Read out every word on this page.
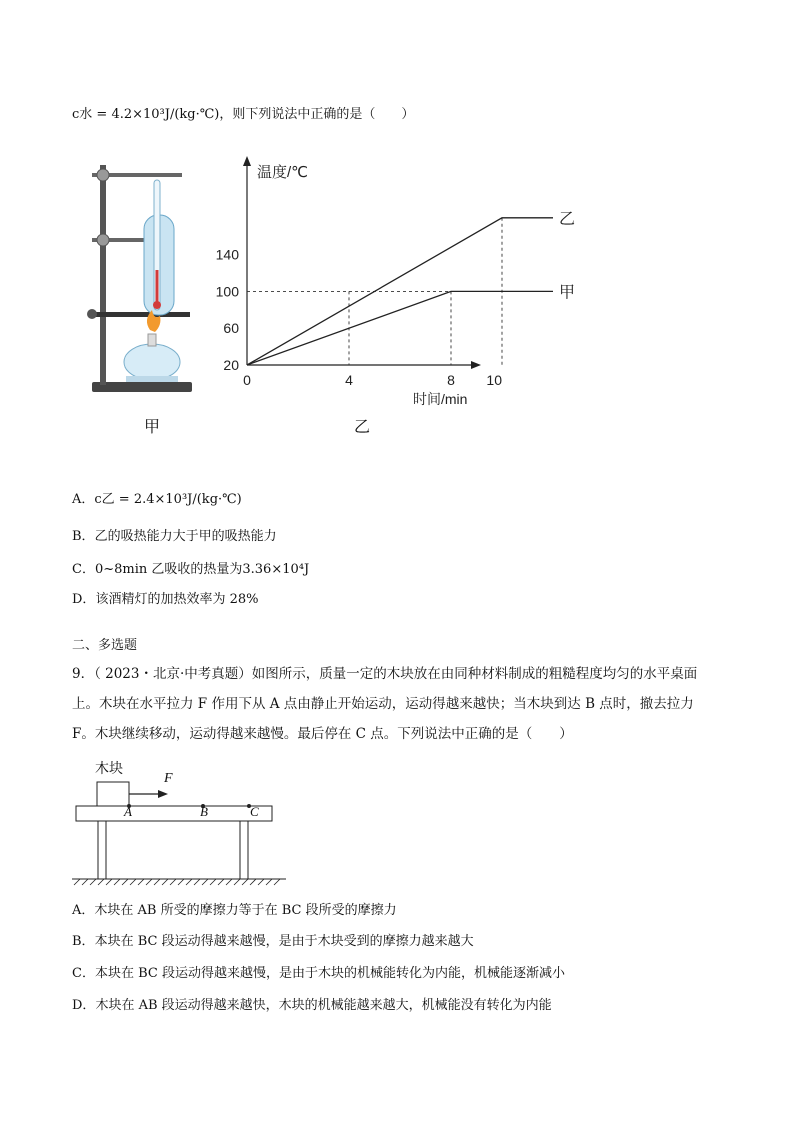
c水 = 4.2×10³J/(kg·℃)，则下列说法中正确的是（　　）
甲
温度/℃
时间/min
20
60
100
140
0	4	8 10
乙
甲
乙
A．c乙 = 2.4×10³J/(kg·℃)
B．乙的吸热能力大于甲的吸热能力
C．0~8min 乙吸收的热量为3.36×10⁴J
D．该酒精灯的加热效率为 28%
二、多选题
9．（ 2023・北京·中考真题）如图所示，质量一定的木块放在由同种材料制成的粗糙程度均匀的水平桌面
上。木块在水平拉力 F 作用下从 A 点由静止开始运动，运动得越来越快；当木块到达 B 点时，撤去拉力
F。木块继续移动，运动得越来越慢。最后停在 C 点。下列说法中正确的是（　　）
木块
F
A	B	C
A．木块在 AB 所受的摩擦力等于在 BC 段所受的摩擦力
B．本块在 BC 段运动得越来越慢，是由于木块受到的摩擦力越来越大
C．本块在 BC 段运动得越来越慢，是由于木块的机械能转化为内能，机械能逐渐减小
D．木块在 AB 段运动得越来越快，木块的机械能越来越大，机械能没有转化为内能
